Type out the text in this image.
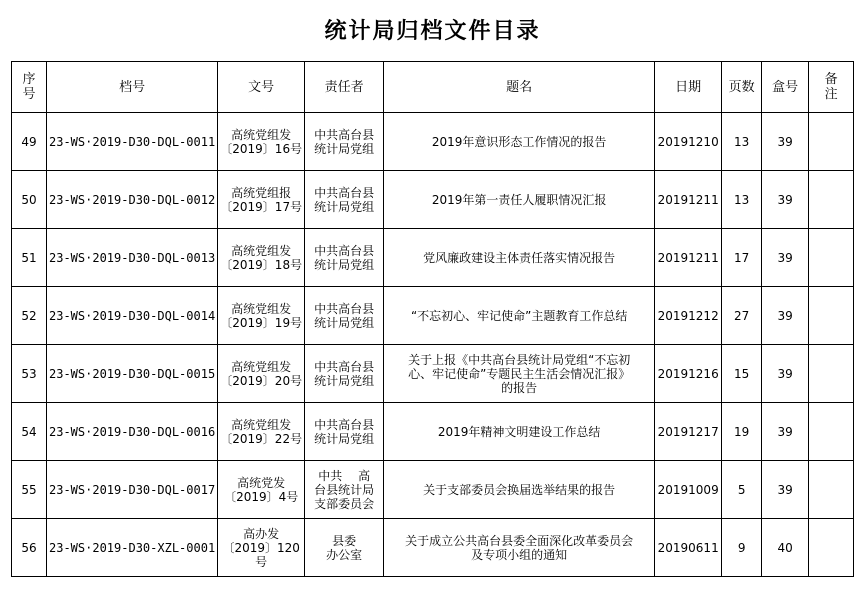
统计局归档文件目录
序
号	档号	文号	责任者	题名	日期	页数	盒号	备
注
49	23-WS·2019-D30-DQL-0011	高统党组发
〔2019〕16号	中共高台县
统计局党组	2019年意识形态工作情况的报告	20191210	13	39	
50	23-WS·2019-D30-DQL-0012	高统党组报
〔2019〕17号	中共高台县
统计局党组	2019年第一责任人履职情况汇报	20191211	13	39	
51	23-WS·2019-D30-DQL-0013	高统党组发
〔2019〕18号	中共高台县
统计局党组	党风廉政建设主体责任落实情况报告	20191211	17	39	
52	23-WS·2019-D30-DQL-0014	高统党组发
〔2019〕19号	中共高台县
统计局党组	“不忘初心、牢记使命”主题教育工作总结	20191212	27	39	
53	23-WS·2019-D30-DQL-0015	高统党组发
〔2019〕20号	中共高台县
统计局党组	关于上报《中共高台县统计局党组“不忘初
心、牢记使命”专题民主生活会情况汇报》
的报告	20191216	15	39	
54	23-WS·2019-D30-DQL-0016	高统党组发
〔2019〕22号	中共高台县
统计局党组	2019年精神文明建设工作总结	20191217	19	39	
55	23-WS·2019-D30-DQL-0017	高统党发
〔2019〕4号	中共　 高
台县统计局
支部委员会	关于支部委员会换届选举结果的报告	20191009	5	39	
56	23-WS·2019-D30-XZL-0001	高办发
〔2019〕120
号	县委
办公室	关于成立公共高台县委全面深化改革委员会
及专项小组的通知	20190611	9	40	
